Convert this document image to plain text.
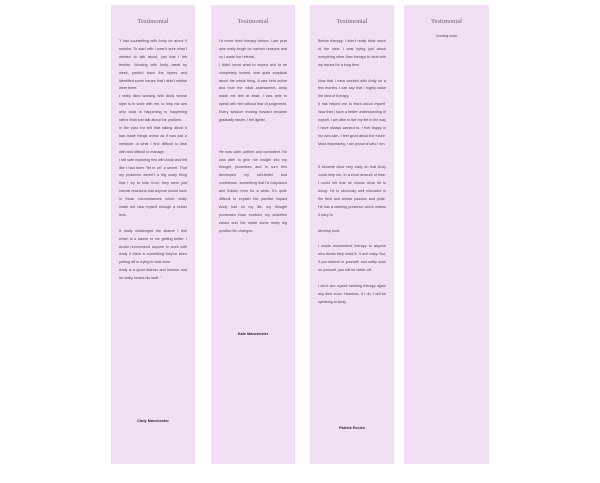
Testimonial

"I had counselling with Andy for about 9 months. To start with I wasn't sure what I wanted to talk about, just that I felt terrible. Working with Andy, week by week, peeled back the layers and identified some issues that I didn't realise were there.

I really liked working with Andy whose style is to work with me, to help me see why what is happening is happening rather than just talk about the problem.

In the past I've felt that talking about it has made things worse as it was just a reminder of what I find difficult to deal with and difficult to manage.

I felt safe exploring this with Andy and felt like I had been "let in on" a secret. That my problems weren't a big scary thing that I try to hide from, they were just normal reactions that anyone would have in those circumstances which really made me view myself through a kinder lens.

It really challenged the shame I feel which is a barrier to me getting better. I would recommend anyone to work with Andy if there is something they've been putting off or trying to hide from.

Andy is a good listener and teacher and he really knows his stuff. "

Carly Manchester
Testimonial

I'd never tried therapy before. Last year was really tough for various reasons and so I made the referral.

I didn't know what to expect and to be completely honest, was quite sceptical about the whole thing. It was held online and from the initial assessment, Andy made me feel at ease, I was able to speak with him without fear of judgement. Every session moving forward became gradually easier, I felt lighter.

He was calm, patient and consistent. He was able to give me insight into my thought processes and in turn this developed my self-belief and confidence...something that I'd misplaced and hidden from for a while. It's quite difficult to explain the positive impact Andy had on my life; my thought processes have evolved, my anxieties eased and I've made some really big positive life changes.

Kate Manchester
Testimonial

Before therapy, I didn't really think much of the idea. I was trying just about everything other than therapy to deal with my issues for a long time.

Now that I have worked with Andy for a few months I can say that I highly value the idea of therapy.

It has helped me to learn about myself. Now that I have a better understanding of myself, I am able to live my life in the way I have always wanted to. I feel happy in my own skin. I feel good about the future. Most importantly, I am proud of who I am.

It became clear very early on that Andy could help me. In a short amount of time. I could tell that he knows what he is doing. He is obviously well educated in the field and shows passion and pride. He has a calming presence which makes it easy to

develop trust.

I would recommend therapy to anyone who thinks they need it. It isn't easy. But, if you believe in yourself, and really work on yourself, you will be better off.

I don't see myself needing therapy again any time soon. However, if I do, I will be speaking to Andy.

Patrick Eccles
Testimonial

Coming soon
